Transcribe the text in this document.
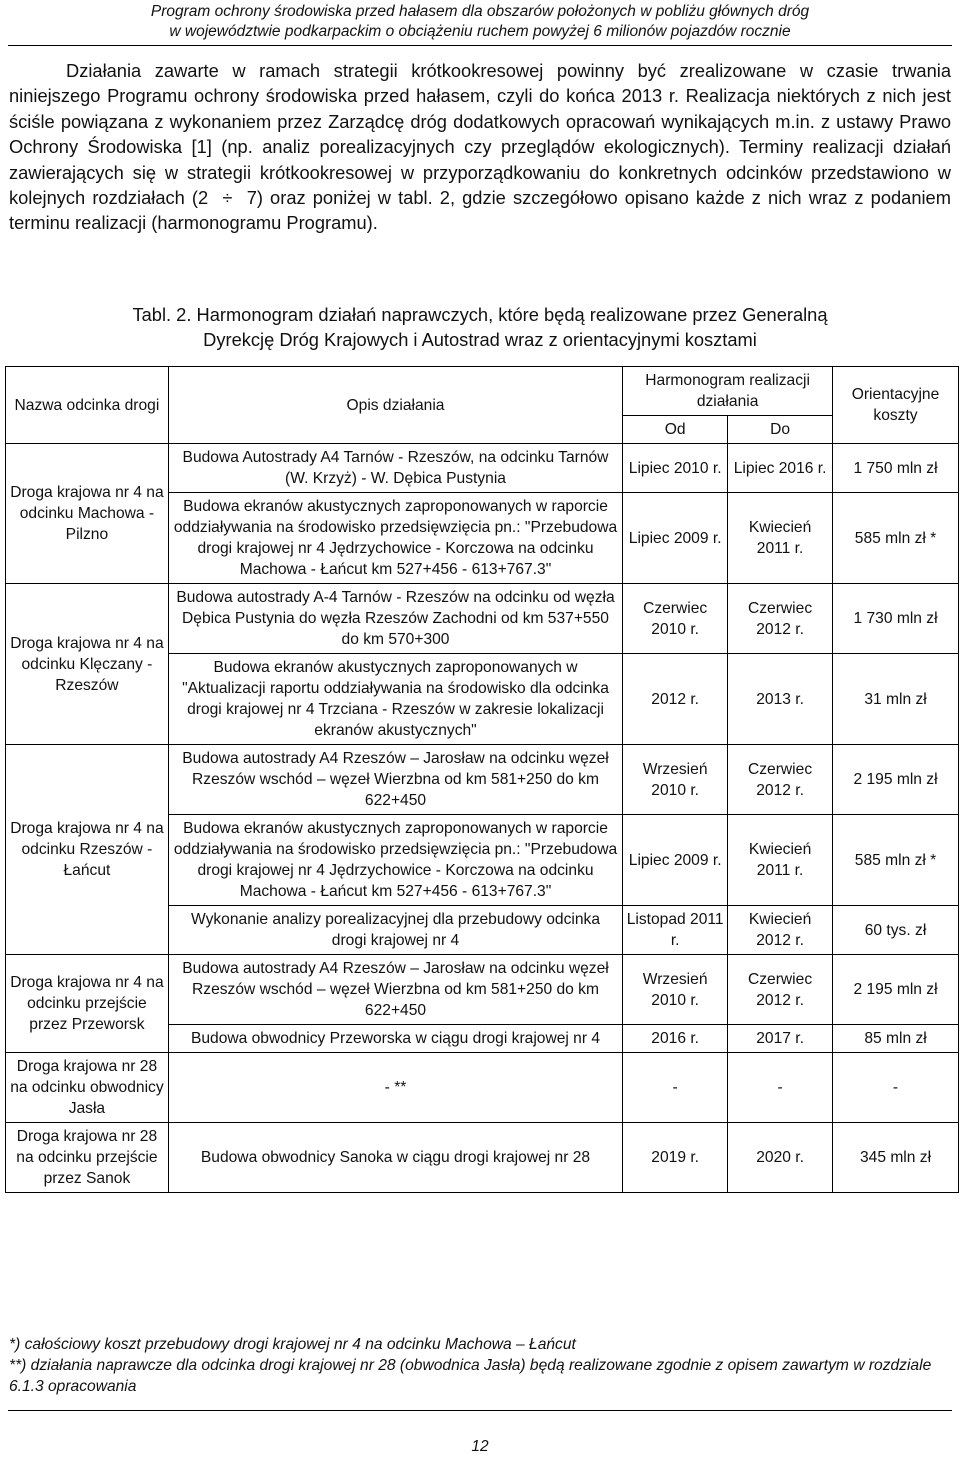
Program ochrony środowiska przed hałasem dla obszarów położonych w pobliżu głównych dróg
w województwie podkarpackim o obciążeniu ruchem powyżej 6 milionów pojazdów rocznie
Działania zawarte w ramach strategii krótkookresowej powinny być zrealizowane w czasie trwania niniejszego Programu ochrony środowiska przed hałasem, czyli do końca 2013 r. Realizacja niektórych z nich jest ściśle powiązana z wykonaniem przez Zarządcę dróg dodatkowych opracowań wynikających m.in. z ustawy Prawo Ochrony Środowiska [1] (np. analiz porealizacyjnych czy przeglądów ekologicznych). Terminy realizacji działań zawierających się w strategii krótkookresowej w przyporządkowaniu do konkretnych odcinków przedstawiono w kolejnych rozdziałach (2 ÷ 7) oraz poniżej w tabl. 2, gdzie szczegółowo opisano każde z nich wraz z podaniem terminu realizacji (harmonogramu Programu).
Tabl. 2. Harmonogram działań naprawczych, które będą realizowane przez Generalną
Dyrekcję Dróg Krajowych i Autostrad wraz z orientacyjnymi kosztami
Nazwa odcinka drogi	Opis działania	Harmonogram realizacji działania		Orientacyjne koszty
		Od	Do	
Droga krajowa nr 4 na odcinku Machowa - Pilzno	Budowa Autostrady A4 Tarnów - Rzeszów, na odcinku Tarnów (W. Krzyż) - W. Dębica Pustynia	Lipiec 2010 r.	Lipiec 2016 r.	1 750 mln zł
	Budowa ekranów akustycznych zaproponowanych w raporcie oddziaływania na środowisko przedsięwzięcia pn.: "Przebudowa drogi krajowej nr 4 Jędrzychowice - Korczowa na odcinku Machowa - Łańcut km 527+456 - 613+767.3"	Lipiec 2009 r.	Kwiecień 2011 r.	585 mln zł *
Droga krajowa nr 4 na odcinku Klęczany - Rzeszów	Budowa autostrady A-4 Tarnów - Rzeszów na odcinku od węzła Dębica Pustynia do węzła Rzeszów Zachodni od km 537+550 do km 570+300	Czerwiec 2010 r.	Czerwiec 2012 r.	1 730 mln zł
	Budowa ekranów akustycznych zaproponowanych w "Aktualizacji raportu oddziaływania na środowisko dla odcinka drogi krajowej nr 4 Trzciana - Rzeszów w zakresie lokalizacji ekranów akustycznych"	2012 r.	2013 r.	31 mln zł
Droga krajowa nr 4 na odcinku Rzeszów - Łańcut	Budowa autostrady A4 Rzeszów – Jarosław na odcinku węzeł Rzeszów wschód – węzeł Wierzbna od km 581+250 do km 622+450	Wrzesień 2010 r.	Czerwiec 2012 r.	2 195 mln zł
	Budowa ekranów akustycznych zaproponowanych w raporcie oddziaływania na środowisko przedsięwzięcia pn.: "Przebudowa drogi krajowej nr 4 Jędrzychowice - Korczowa na odcinku Machowa - Łańcut km 527+456 - 613+767.3"	Lipiec 2009 r.	Kwiecień 2011 r.	585 mln zł *
	Wykonanie analizy porealizacyjnej dla przebudowy odcinka drogi krajowej nr 4	Listopad 2011 r.	Kwiecień 2012 r.	60 tys. zł
Droga krajowa nr 4 na odcinku przejście przez Przeworsk	Budowa autostrady A4 Rzeszów – Jarosław na odcinku węzeł Rzeszów wschód – węzeł Wierzbna od km 581+250 do km 622+450	Wrzesień 2010 r.	Czerwiec 2012 r.	2 195 mln zł
	Budowa obwodnicy Przeworska w ciągu drogi krajowej nr 4	2016 r.	2017 r.	85 mln zł
Droga krajowa nr 28 na odcinku obwodnicy Jasła	- **	-	-	-
Droga krajowa nr 28 na odcinku przejście przez Sanok	Budowa obwodnicy Sanoka w ciągu drogi krajowej nr 28	2019 r.	2020 r.	345 mln zł
*) całościowy koszt przebudowy drogi krajowej nr 4 na odcinku Machowa – Łańcut
**) działania naprawcze dla odcinka drogi krajowej nr 28 (obwodnica Jasła) będą realizowane zgodnie z opisem zawartym w rozdziale 6.1.3 opracowania
12
